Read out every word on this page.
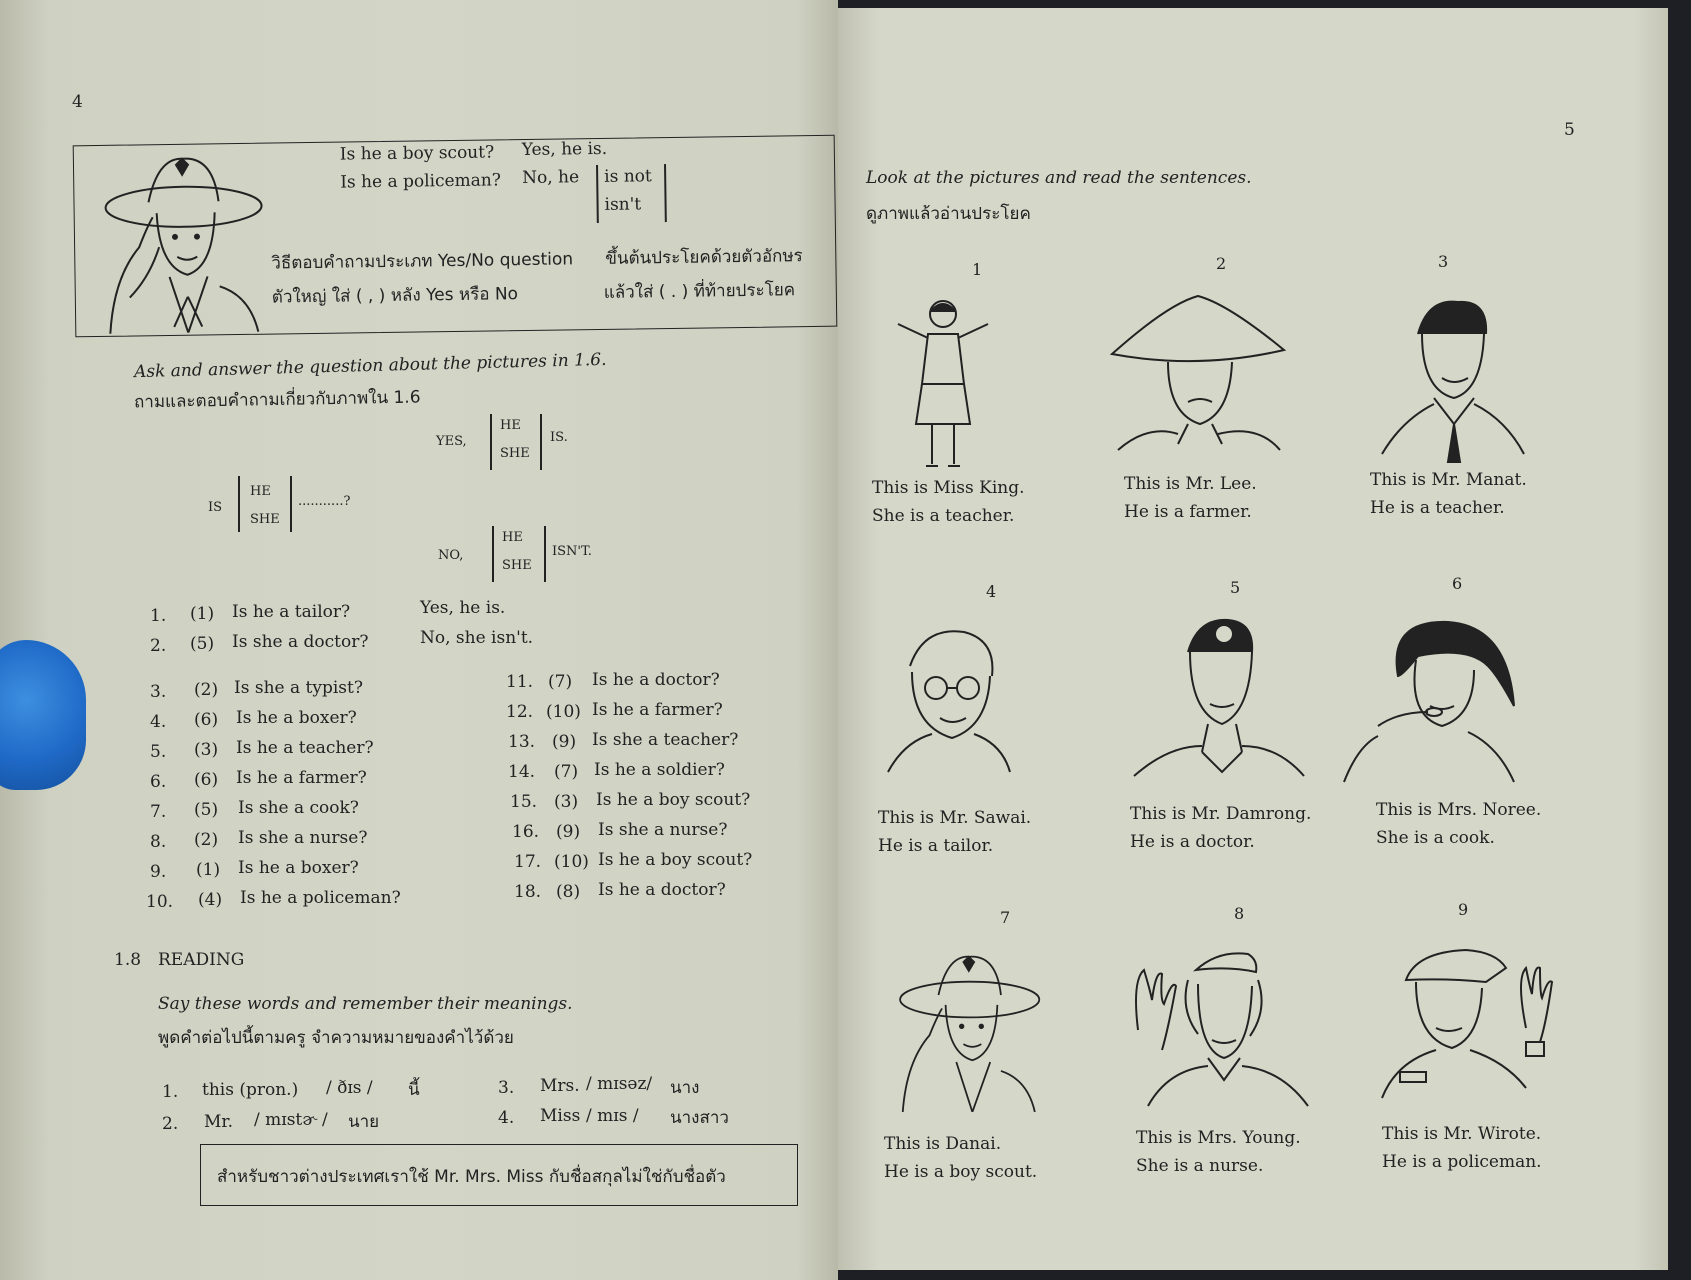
4
Is he a boy scout? Yes, he is.
Is he a policeman? No, he is not
isn't
วิธีตอบคำถามประเภท Yes/No question ขึ้นต้นประโยคด้วยตัวอักษร
ตัวใหญ่ ใส่ ( , ) หลัง Yes หรือ No	แล้วใส่ ( . ) ที่ท้ายประโยค
Ask and answer the question about the pictures in 1.6.
ถามและตอบคำถามเกี่ยวกับภาพใน 1.6
IS
HE
SHE
...........?
YES,
HE
SHE
IS.
NO,
HE
SHE
ISN'T.
1. (1) Is he a tailor?	Yes, he is.
2. (5) Is she a doctor?	No, she isn't.
3. (2) Is she a typist?
4. (6) Is he a boxer?
5. (3) Is he a teacher?
6. (6) Is he a farmer?
7. (5) Is she a cook?
8. (2) Is she a nurse?
9. (1) Is he a boxer?
10. (4) Is he a policeman?
11. (7) Is he a doctor?
12. (10) Is he a farmer?
13. (9) Is she a teacher?
14. (7) Is he a soldier?
15. (3) Is he a boy scout?
16. (9) Is she a nurse?
17. (10) Is he a boy scout?
18. (8) Is he a doctor?
1.8 READING
Say these words and remember their meanings.
พูดคำต่อไปนี้ตามครู จำความหมายของคำไว้ด้วย
1. this (pron.) / ðɪs / นี้
2. Mr. / mɪstɚ / นาย
3. Mrs. / mɪsəz/ นาง
4. Miss / mɪs / นางสาว
สำหรับชาวต่างประเทศเราใช้ Mr. Mrs. Miss กับชื่อสกุลไม่ใช่กับชื่อตัว
5
Look at the pictures and read the sentences.
ดูภาพแล้วอ่านประโยค
1
This is Miss King.
She is a teacher.
2
This is Mr. Lee.
He is a farmer.
3
This is Mr. Manat.
He is a teacher.
4
This is Mr. Sawai.
He is a tailor.
5
This is Mr. Damrong.
He is a doctor.
6
This is Mrs. Noree.
She is a cook.
7
This is Danai.
He is a boy scout.
8
This is Mrs. Young.
She is a nurse.
9
This is Mr. Wirote.
He is a policeman.
